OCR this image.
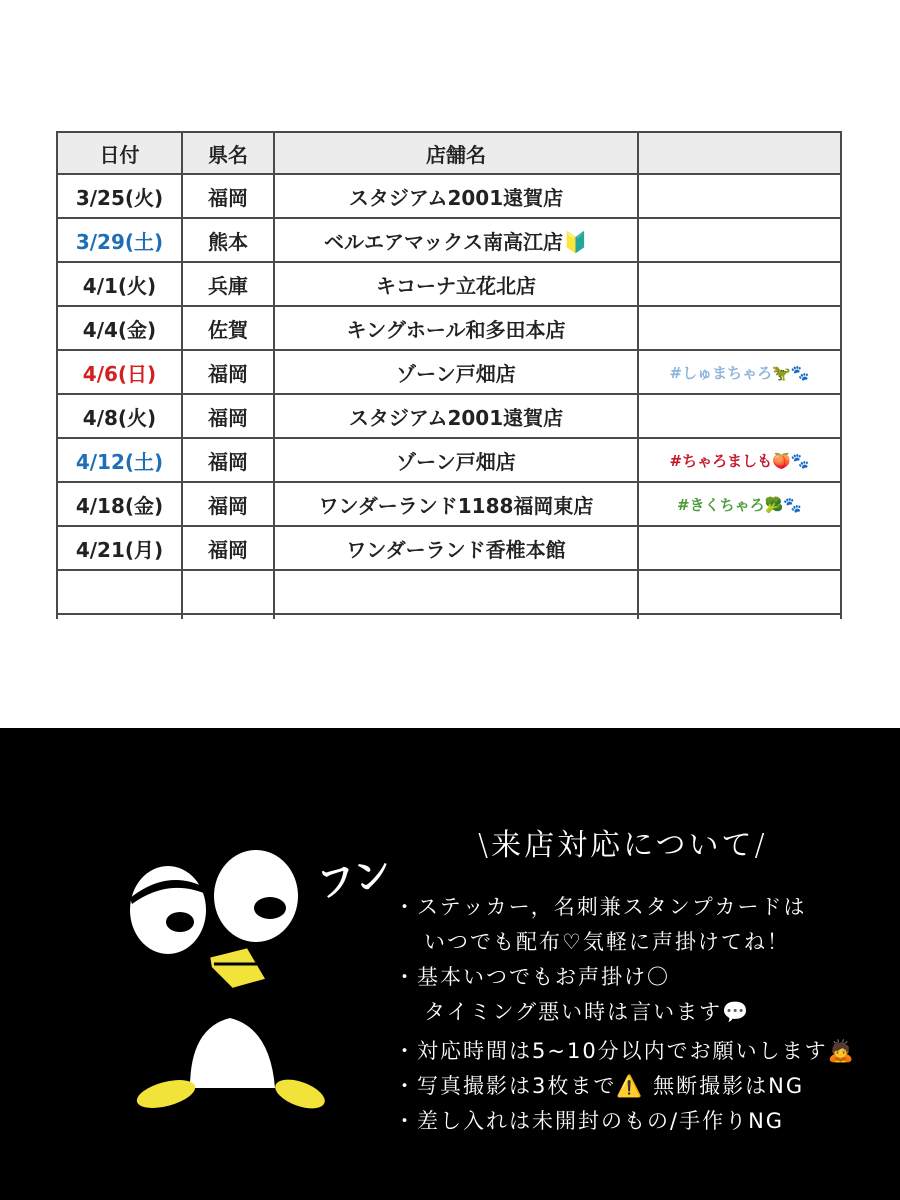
日付	県名	店舗名	
3/25(火)	福岡	スタジアム2001遠賀店	
3/29(土)	熊本	ベルエアマックス南高江店🔰	
4/1(火)	兵庫	キコーナ立花北店	
4/4(金)	佐賀	キングホール和多田本店	
4/6(日)	福岡	ゾーン戸畑店	#しゅまちゃろ🦖🐾
4/8(火)	福岡	スタジアム2001遠賀店	
4/12(土)	福岡	ゾーン戸畑店	#ちゃろましも🍑🐾
4/18(金)	福岡	ワンダーランド1188福岡東店	#きくちゃろ🥦🐾
4/21(月)	福岡	ワンダーランド香椎本館	

フン
\来店対応について/
・ステッカー，名刺兼スタンプカードは
いつでも配布♡気軽に声掛けてね！
・基本いつでもお声掛け〇
タイミング悪い時は言います💬
・対応時間は5~10分以内でお願いします🙇
・写真撮影は3枚まで⚠️ 無断撮影はNG
・差し入れは未開封のもの/手作りNG
